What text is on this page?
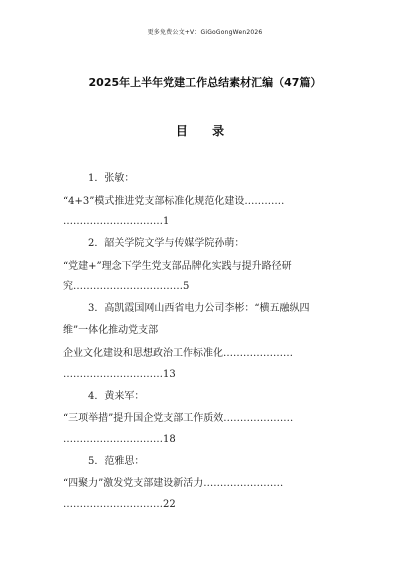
更多免费公文+V：GiGoGongWen2026
2025年上半年党建工作总结素材汇编（47篇）
目 录
1．张敏：
“4+3”模式推进党支部标准化规范化建设…………
…………………………1
2．韶关学院文学与传媒学院孙萌：
“党建+”理念下学生党支部品牌化实践与提升路径研
究……………………………5
3．高凯霞国网山西省电力公司李彬：“横五融纵四
维”一体化推动党支部
企业文化建设和思想政治工作标准化…………………
…………………………13
4．黄来军：
“三项举措”提升国企党支部工作质效…………………
…………………………18
5．范雅思：
“四聚力”激发党支部建设新活力……………………
…………………………22
